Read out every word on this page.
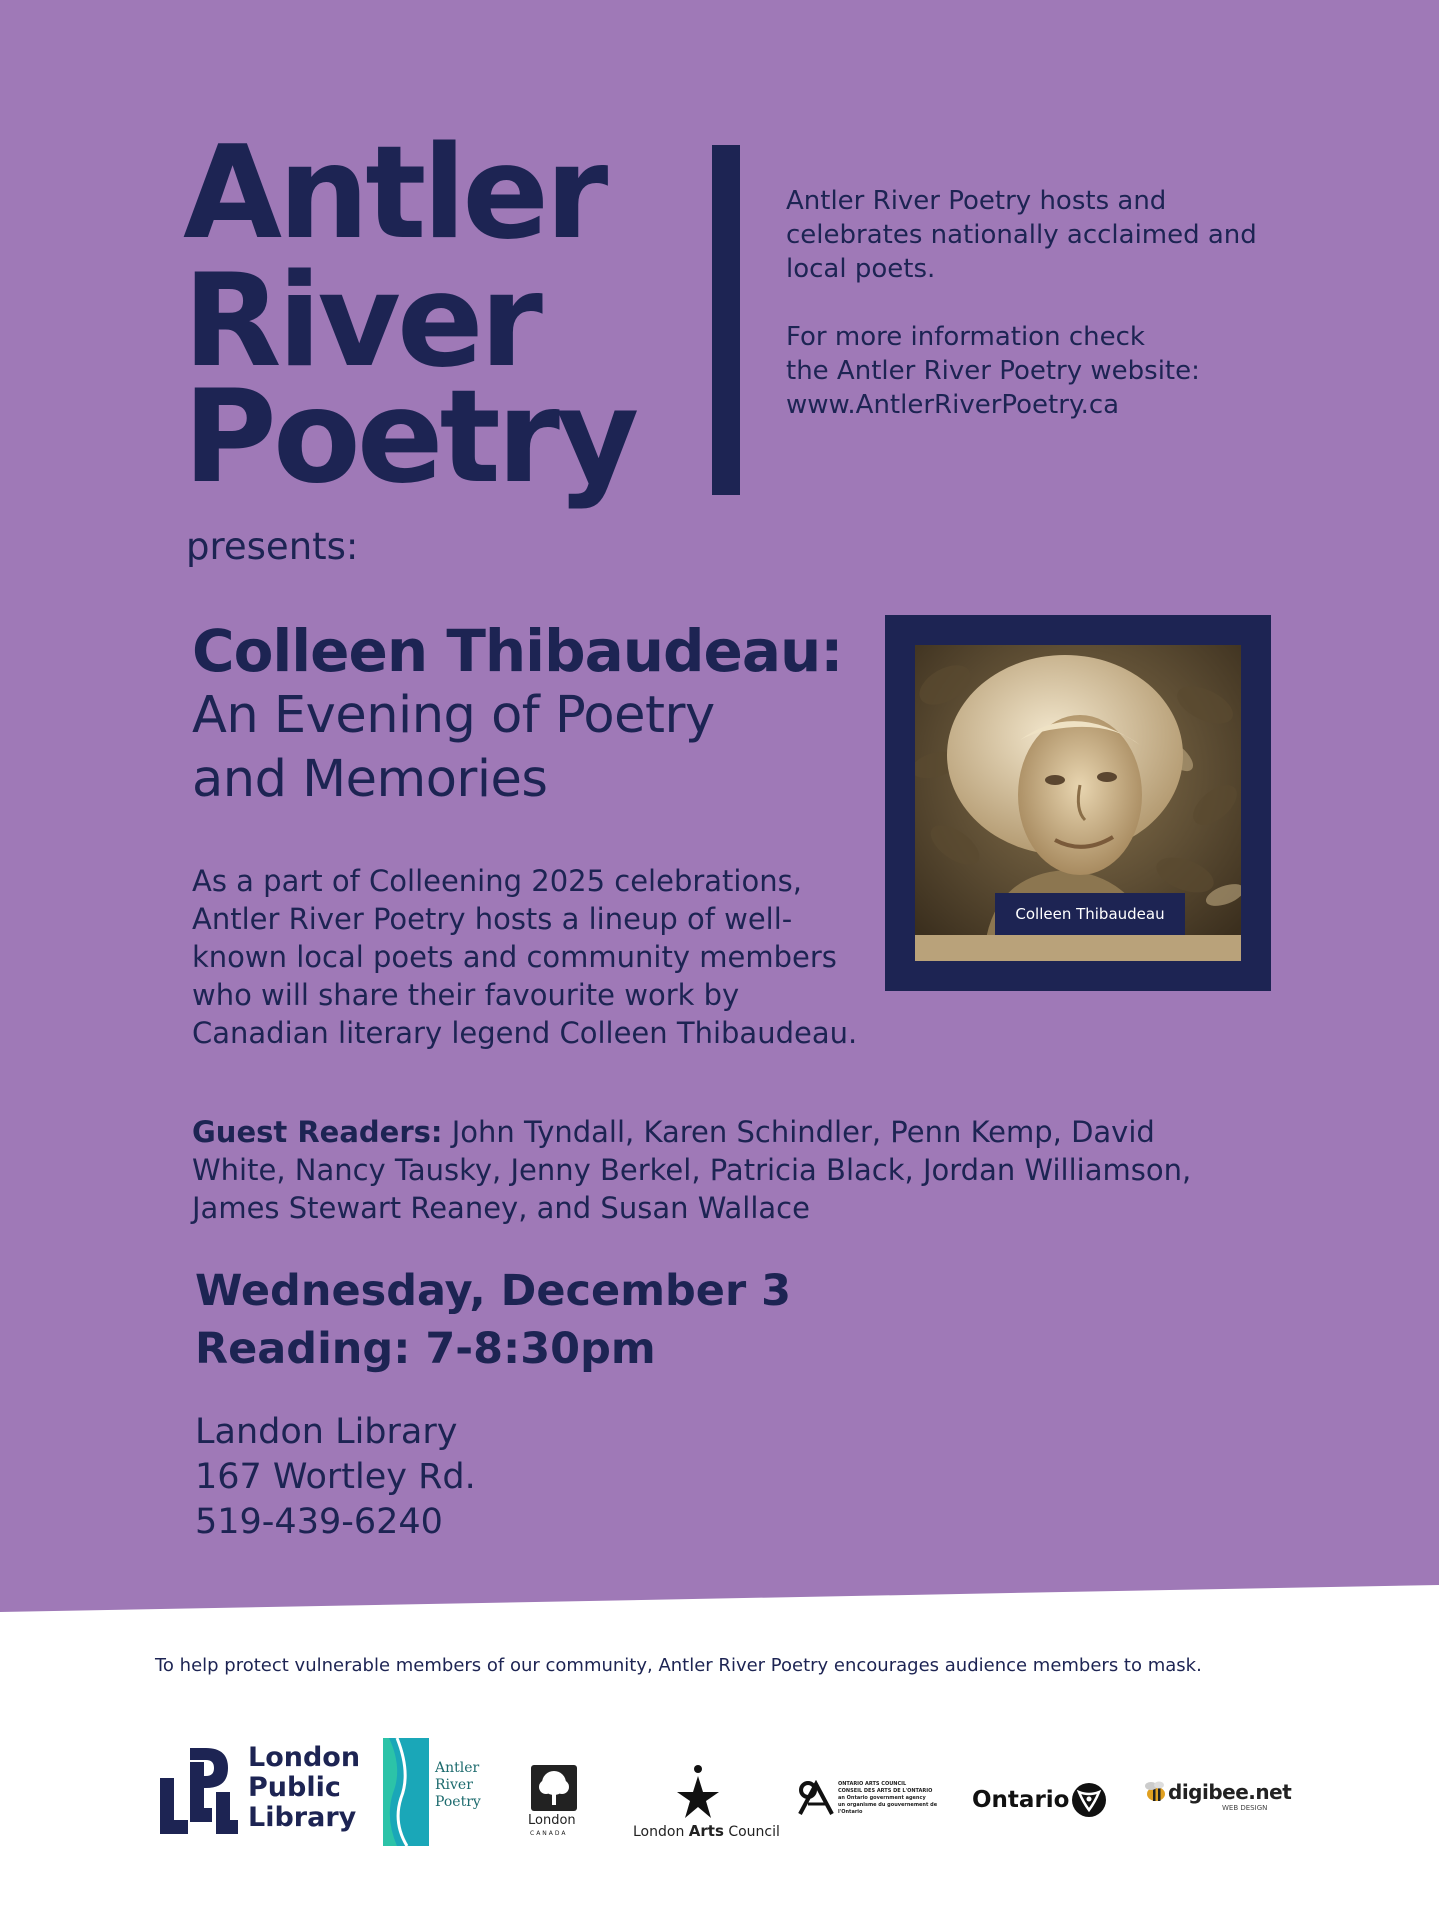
Antler
River
Poetry

Antler River Poetry hosts and celebrates nationally acclaimed and local poets.

For more information check

the Antler River Poetry website:

www.AntlerRiverPoetry.ca

presents:
Colleen Thibaudeau:
An Evening of Poetry
and Memories
As a part of Colleening 2025 celebrations, Antler River Poetry hosts a lineup of well-known local poets and community members who will share their favourite work by Canadian literary legend Colleen Thibaudeau.
Guest Readers: John Tyndall, Karen Schindler, Penn Kemp, David White, Nancy Tausky, Jenny Berkel, Patricia Black, Jordan Williamson, James Stewart Reaney, and Susan Wallace
Wednesday, December 3
Reading: 7-8:30pm
Landon Library
167 Wortley Rd.
519-439-6240
Colleen Thibaudeau
To help protect vulnerable members of our community, Antler River Poetry encourages audience members to mask.
London
Public
Library
Antler
River
Poetry
London
CANADA	London Arts Council
ONTARIO ARTS COUNCIL
CONSEIL DES ARTS DE L'ONTARIO
an Ontario government agency
un organisme du gouvernement de l'Ontario	Ontario	digibee.net
WEB DESIGN
